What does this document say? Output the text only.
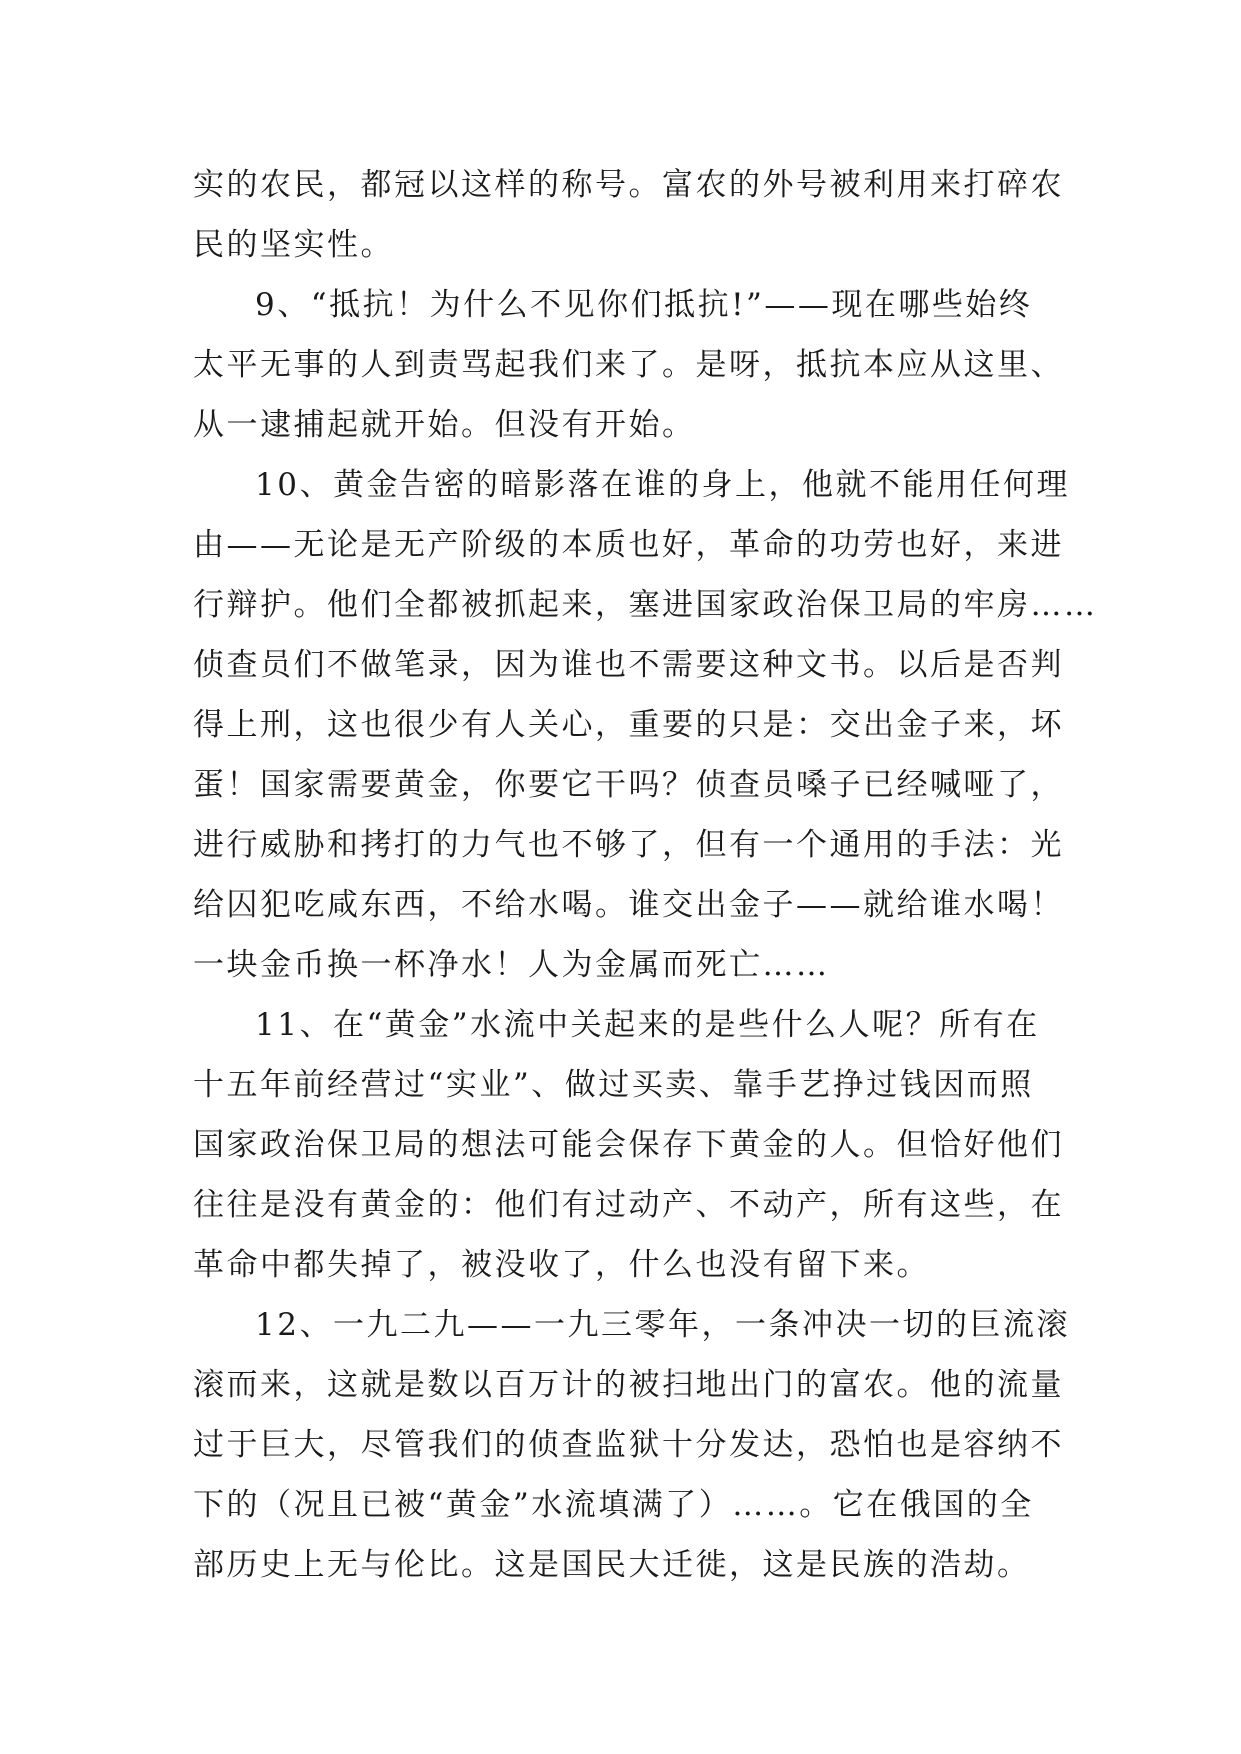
实的农民，都冠以这样的称号。富农的外号被利用来打碎农
民的坚实性。
9、“抵抗！为什么不见你们抵抗!”——现在哪些始终
太平无事的人到责骂起我们来了。是呀，抵抗本应从这里、
从一逮捕起就开始。但没有开始。
10、黄金告密的暗影落在谁的身上，他就不能用任何理
由——无论是无产阶级的本质也好，革命的功劳也好，来进
行辩护。他们全都被抓起来，塞进国家政治保卫局的牢房……
侦查员们不做笔录，因为谁也不需要这种文书。以后是否判
得上刑，这也很少有人关心，重要的只是：交出金子来，坏
蛋！国家需要黄金，你要它干吗？侦查员嗓子已经喊哑了，
进行威胁和拷打的力气也不够了，但有一个通用的手法：光
给囚犯吃咸东西，不给水喝。谁交出金子——就给谁水喝！
一块金币换一杯净水！人为金属而死亡……
11、在“黄金”水流中关起来的是些什么人呢？所有在
十五年前经营过“实业”、做过买卖、靠手艺挣过钱因而照
国家政治保卫局的想法可能会保存下黄金的人。但恰好他们
往往是没有黄金的：他们有过动产、不动产，所有这些，在
革命中都失掉了，被没收了，什么也没有留下来。
12、一九二九——一九三零年，一条冲决一切的巨流滚
滚而来，这就是数以百万计的被扫地出门的富农。他的流量
过于巨大，尽管我们的侦查监狱十分发达，恐怕也是容纳不
下的（况且已被“黄金”水流填满了）……。它在俄国的全
部历史上无与伦比。这是国民大迁徙，这是民族的浩劫。
